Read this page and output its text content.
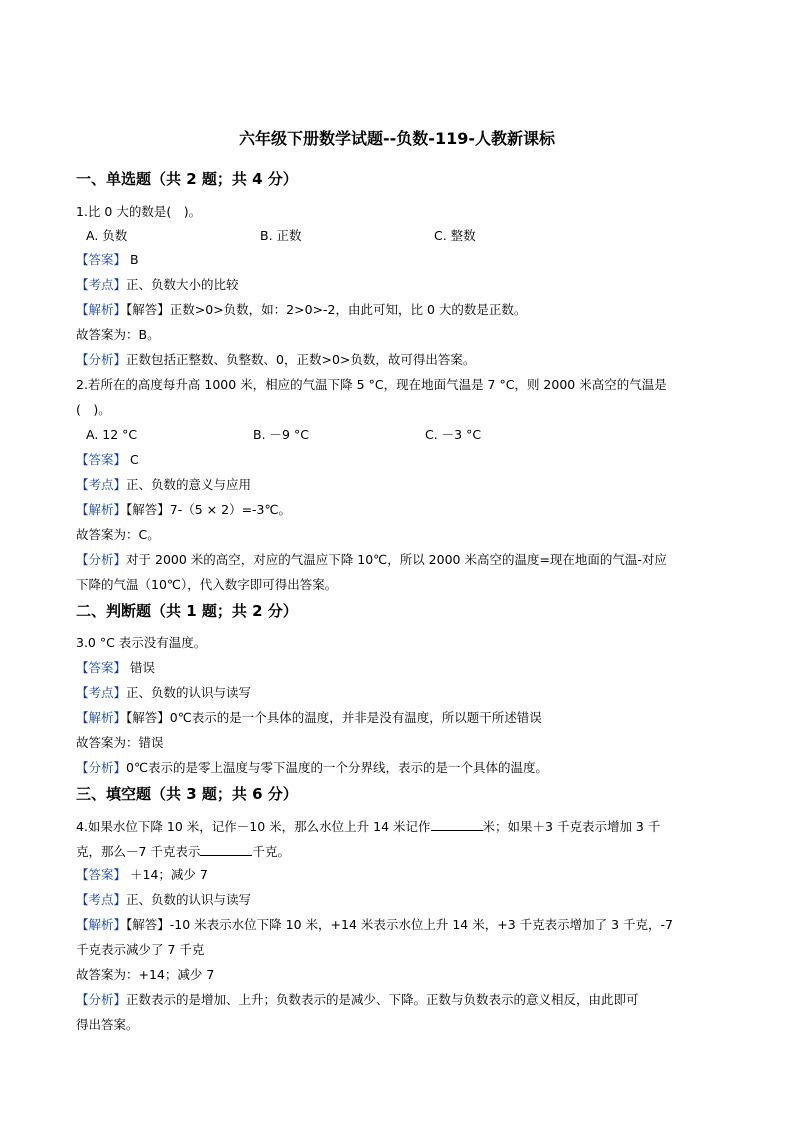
六年级下册数学试题--负数-119-人教新课标
一、单选题（共 2 题；共 4 分）
1.比 0 大的数是(　)。
A. 负数	B. 正数	C. 整数
【答案】 B
【考点】正、负数大小的比较
【解析】【解答】正数>0>负数，如：2>0>-2，由此可知，比 0 大的数是正数。
故答案为：B。
【分析】正数包括正整数、负整数、0，正数>0>负数，故可得出答案。
2.若所在的高度每升高 1000 米，相应的气温下降 5 °C，现在地面气温是 7 °C，则 2000 米高空的气温是
(　)。
A. 12 °C	B. －9 °C	C. －3 °C
【答案】 C
【考点】正、负数的意义与应用
【解析】【解答】7-（5 × 2）=-3℃。
故答案为：C。
【分析】对于 2000 米的高空，对应的气温应下降 10℃，所以 2000 米高空的温度=现在地面的气温-对应
下降的气温（10℃），代入数字即可得出答案。
二、判断题（共 1 题；共 2 分）
3.0 °C 表示没有温度。
【答案】 错误
【考点】正、负数的认识与读写
【解析】【解答】0℃表示的是一个具体的温度，并非是没有温度，所以题干所述错误
故答案为：错误
【分析】0℃表示的是零上温度与零下温度的一个分界线，表示的是一个具体的温度。
三、填空题（共 3 题；共 6 分）
4.如果水位下降 10 米，记作－10 米，那么水位上升 14 米记作	米；如果＋3 千克表示增加 3 千
克，那么－7 千克表示	千克。
【答案】 ＋14；减少 7
【考点】正、负数的认识与读写
【解析】【解答】-10 米表示水位下降 10 米，+14 米表示水位上升 14 米，+3 千克表示增加了 3 千克，-7
千克表示减少了 7 千克
故答案为：+14；减少 7
【分析】正数表示的是增加、上升；负数表示的是减少、下降。正数与负数表示的意义相反，由此即可
得出答案。
